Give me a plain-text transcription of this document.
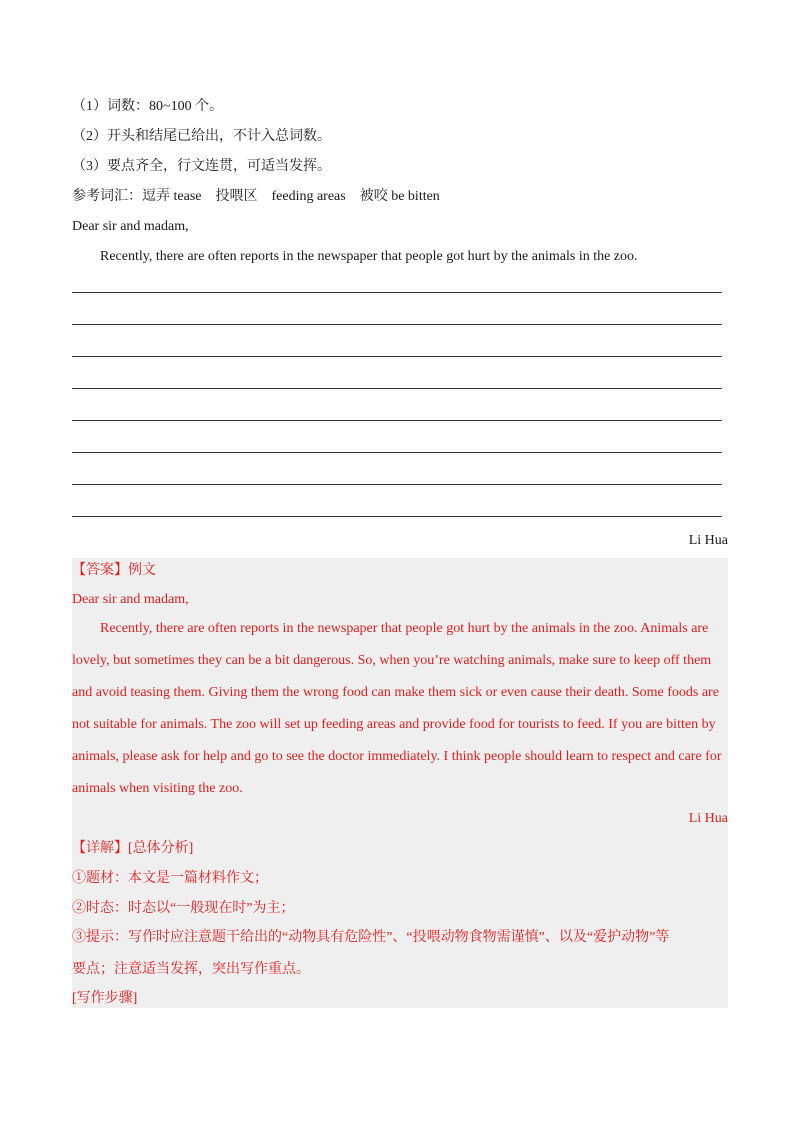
（1）词数：80~100 个。
（2）开头和结尾已给出，不计入总词数。
（3）要点齐全，行文连贯，可适当发挥。
参考词汇：逗弄 tease　投喂区　feeding areas　被咬 be bitten
Dear sir and madam,
Recently, there are often reports in the newspaper that people got hurt by the animals in the zoo.
Li Hua
【答案】例文
Dear sir and madam,
Recently, there are often reports in the newspaper that people got hurt by the animals in the zoo. Animals are
lovely, but sometimes they can be a bit dangerous. So, when you’re watching animals, make sure to keep off them
and avoid teasing them. Giving them the wrong food can make them sick or even cause their death. Some foods are
not suitable for animals. The zoo will set up feeding areas and provide food for tourists to feed. If you are bitten by
animals, please ask for help and go to see the doctor immediately. I think people should learn to respect and care for
animals when visiting the zoo.
Li Hua
【详解】[总体分析]
①题材：本文是一篇材料作文；
②时态：时态以“一般现在时”为主；
③提示：写作时应注意题干给出的“动物具有危险性”、“投喂动物食物需谨慎”、以及“爱护动物”等
要点；注意适当发挥，突出写作重点。
[写作步骤]
